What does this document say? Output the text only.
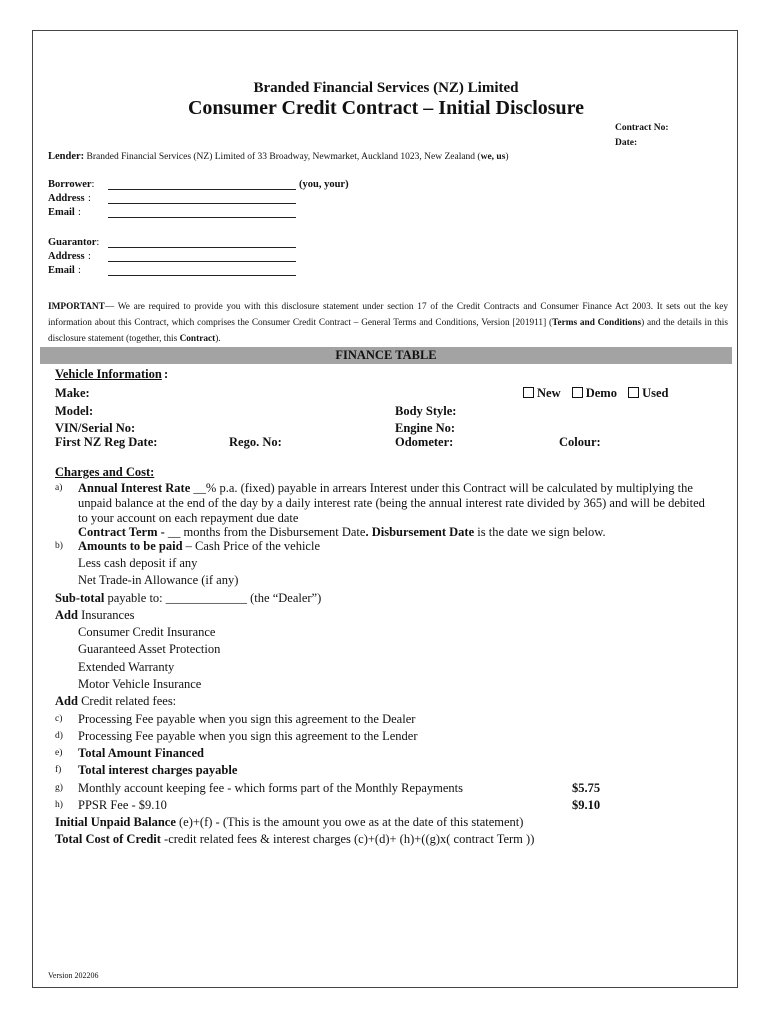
Branded Financial Services (NZ) Limited
Consumer Credit Contract – Initial Disclosure
Contract No:
Date:
Lender: Branded Financial Services (NZ) Limited of 33 Broadway, Newmarket, Auckland 1023, New Zealand (we, us)
Borrower:	(you, your)
Address :
Email :
Guarantor:
Address :
Email :
IMPORTANT— We are required to provide you with this disclosure statement under section 17 of the Credit Contracts and Consumer Finance Act 2003. It sets out the key information about this Contract, which comprises the Consumer Credit Contract – General Terms and Conditions, Version [201911] (Terms and Conditions) and the details in this disclosure statement (together, this Contract).
FINANCE TABLE
Vehicle Information :
Make:	New Demo Used
Model:	Body Style:
VIN/Serial No:	Engine No:
First NZ Reg Date:	Rego. No:	Odometer:	Colour:
Charges and Cost:
a) Annual Interest Rate __% p.a. (fixed) payable in arrears Interest under this Contract will be calculated by multiplying the
unpaid balance at the end of the day by a daily interest rate (being the annual interest rate divided by 365) and will be debited
to your account on each repayment due date
Contract Term - __ months from the Disbursement Date. Disbursement Date is the date we sign below.
b) Amounts to be paid – Cash Price of the vehicle
Less cash deposit if any
Net Trade-in Allowance (if any)
Sub-total payable to: _____________ (the “Dealer”)
Add Insurances
Consumer Credit Insurance
Guaranteed Asset Protection
Extended Warranty
Motor Vehicle Insurance
Add Credit related fees:
c) Processing Fee payable when you sign this agreement to the Dealer
d) Processing Fee payable when you sign this agreement to the Lender
e) Total Amount Financed
f) Total interest charges payable
g) Monthly account keeping fee - which forms part of the Monthly Repayments	$5.75
h) PPSR Fee - $9.10	$9.10
Initial Unpaid Balance (e)+(f) - (This is the amount you owe as at the date of this statement)
Total Cost of Credit -credit related fees & interest charges (c)+(d)+ (h)+((g)x( contract Term ))
Version 202206
